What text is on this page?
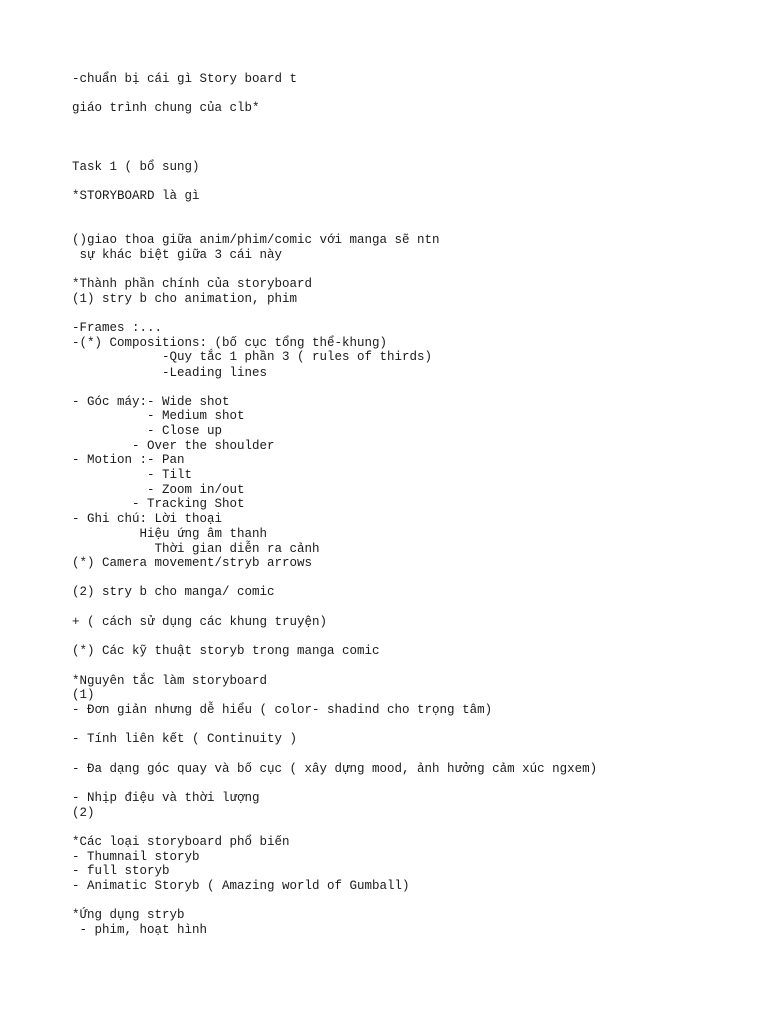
-chuẩn bị cái gì Story board t

giáo trình chung của clb*

Task 1 ( bổ sung)

*STORYBOARD là gì

()giao thoa giữa anim/phim/comic với manga sẽ ntn

sự khác biệt giữa 3 cái này

*Thành phần chính của storyboard

(1) stry b cho animation, phim

-Frames :...

-(*) Compositions: (bố cục tổng thể-khung)

-Quy tắc 1 phần 3 ( rules of thirds)

-Leading lines

- Góc máy:- Wide shot

- Medium shot

- Close up

- Over the shoulder

- Motion :- Pan

- Tilt

- Zoom in/out

- Tracking Shot

- Ghi chú: Lời thoại

Hiệu ứng âm thanh

Thời gian diễn ra cảnh

(*) Camera movement/stryb arrows

(2) stry b cho manga/ comic

+ ( cách sử dụng các khung truyện)

(*) Các kỹ thuật storyb trong manga comic

*Nguyên tắc làm storyboard

(1)

- Đơn giản nhưng dễ hiểu ( color- shadind cho trọng tâm)

- Tính liên kết ( Continuity )

- Đa dạng góc quay và bố cục ( xây dựng mood, ảnh hưởng cảm xúc ngxem)

- Nhịp điệu và thời lượng

(2)

*Các loại storyboard phổ biến

- Thumnail storyb

- full storyb

- Animatic Storyb ( Amazing world of Gumball)

*Ứng dụng stryb

- phim, hoạt hình
